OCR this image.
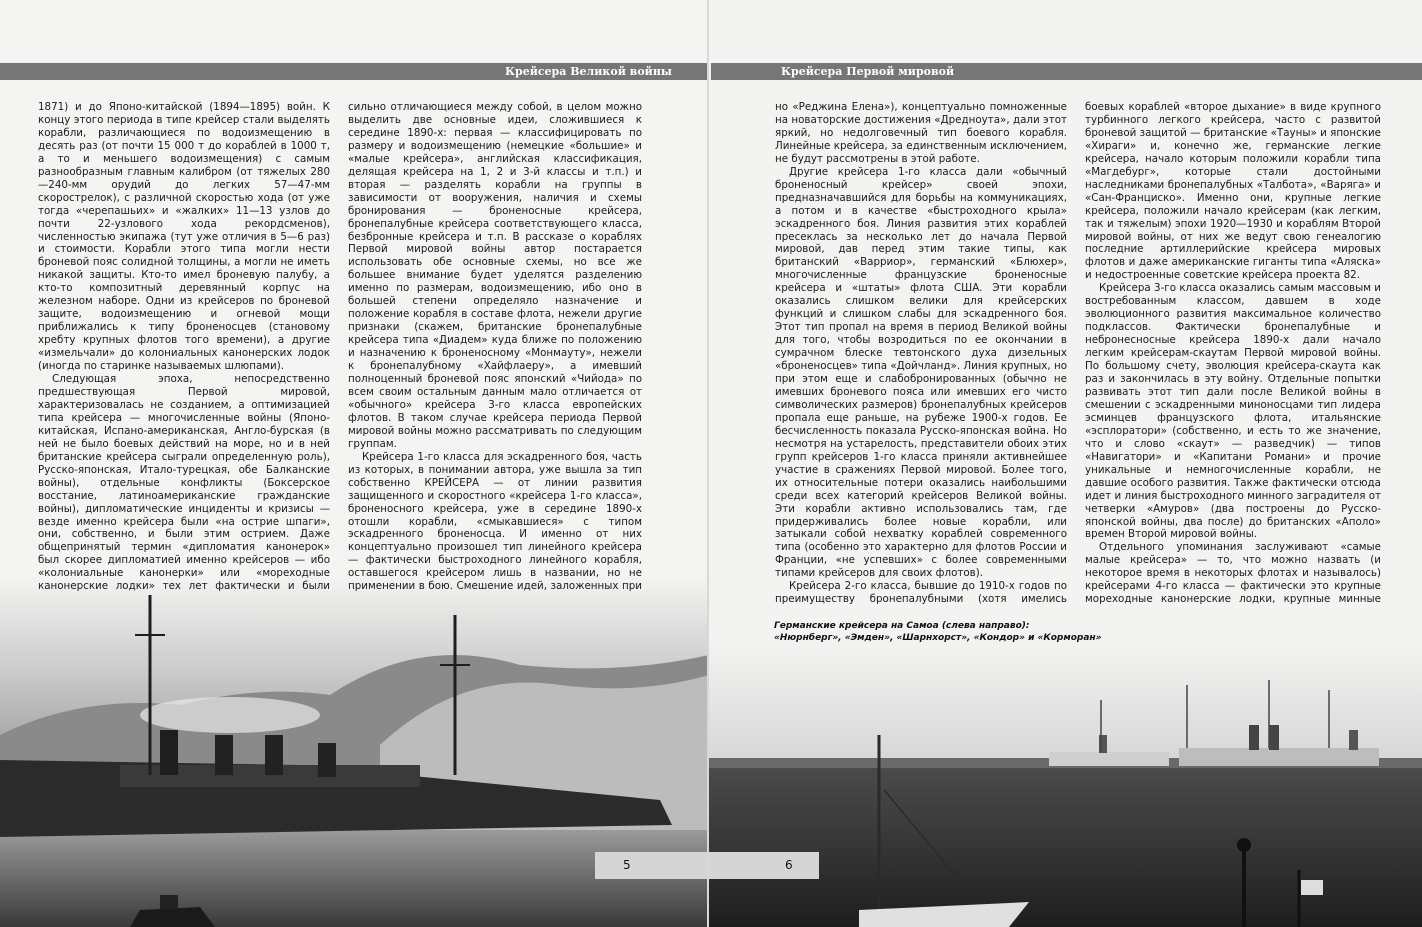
Крейсера Великой войны

1871) и до Японо-китайской (1894—1895) войн. К концу этого периода в типе крейсер стали выделять корабли, различающиеся по водоизмещению в десять раз (от почти 15 000 т до кораблей в 1000 т, а то и меньшего водоизмещения) с самым разнообразным главным калибром (от тяжелых 280—240-мм орудий до легких 57—47-мм скорострелок), с различной скоростью хода (от уже тогда «черепашьих» и «жалких» 11—13 узлов до почти 22-узлового хода рекордсменов), численностью экипажа (тут уже отличия в 5—6 раз) и стоимости. Корабли этого типа могли нести броневой пояс солидной толщины, а могли не иметь никакой защиты. Кто-то имел броневую палубу, а кто-то композитный деревянный корпус на железном наборе. Одни из крейсеров по броневой защите, водоизмещению и огневой мощи приближались к типу броненосцев (становому хребту крупных флотов того времени), а другие «измельчали» до колониальных канонерских лодок (иногда по старинке называемых шлюпами).

Следующая эпоха, непосредственно предшествующая Первой мировой, характеризовалась не созданием, а оптимизацией типа крейсера — многочисленные войны (Японо-китайская, Испано-американская, Англо-бурская (в ней не было боевых действий на море, но и в ней британские крейсера сыграли определенную роль), Русско-японская, Итало-турецкая, обе Балканские войны), отдельные конфликты (Боксерское восстание, латиноамериканские гражданские войны), дипломатические инциденты и кризисы — везде именно крейсера были «на острие шпаги», они, собственно, и были этим острием. Даже общепринятый термин «дипломатия канонерок» был скорее дипломатией именно крейсеров — ибо «колониальные канонерки» или «мореходные канонерские лодки» тех лет фактически и были

сильно отличающиеся между собой, в целом можно выделить две основные идеи, сложившиеся к середине 1890-х: первая — классифицировать по размеру и водоизмещению (немецкие «большие» и «малые крейсера», английская классификация, делящая крейсера на 1, 2 и 3-й классы и т.п.) и вторая — разделять корабли на группы в зависимости от вооружения, наличия и схемы бронирования — броненосные крейсера, бронепалубные крейсера соответствующего класса, безбронные крейсера и т.п. В рассказе о кораблях Первой мировой войны автор постарается использовать обе основные схемы, но все же большее внимание будет уделятся разделению именно по размерам, водоизмещению, ибо оно в большей степени определяло назначение и положение корабля в составе флота, нежели другие признаки (скажем, британские бронепалубные крейсера типа «Диадем» куда ближе по положению и назначению к броненосному «Монмауту», нежели к бронепалубному «Хайфлаеру», а имевший полноценный броневой пояс японский «Чийода» по всем своим остальным данным мало отличается от «обычного» крейсера 3-го класса европейских флотов. В таком случае крейсера периода Первой мировой войны можно рассматривать по следующим группам.

Крейсера 1-го класса для эскадренного боя, часть из которых, в понимании автора, уже вышла за тип собственно КРЕЙСЕРА — от линии развития защищенного и скоростного «крейсера 1-го класса», броненосного крейсера, уже в середине 1890-х отошли корабли, «смыкавшиеся» с типом эскадренного броненосца. И именно от них концептуально произошел тип линейного крейсера — фактически быстроходного линейного корабля, оставшегося крейсером лишь в названии, но не применении в бою. Смешение идей, заложенных при

5
Крейсера Первой мировой

но «Реджина Елена»), концептуально помноженные на новаторские достижения «Дредноута», дали этот яркий, но недолговечный тип боевого корабля. Линейные крейсера, за единственным исключением, не будут рассмотрены в этой работе.

Другие крейсера 1-го класса дали «обычный броненосный крейсер» своей эпохи, предназначавшийся для борьбы на коммуникациях, а потом и в качестве «быстроходного крыла» эскадренного боя. Линия развития этих кораблей пресеклась за несколько лет до начала Первой мировой, дав перед этим такие типы, как британский «Варриор», германский «Блюхер», многочисленные французские броненосные крейсера и «штаты» флота США. Эти корабли оказались слишком велики для крейсерских функций и слишком слабы для эскадренного боя. Этот тип пропал на время в период Великой войны для того, чтобы возродиться по ее окончании в сумрачном блеске тевтонского духа дизельных «броненосцев» типа «Дойчланд». Линия крупных, но при этом еще и слабобронированных (обычно не имевших броневого пояса или имевших его чисто символических размеров) бронепалубных крейсеров пропала еще раньше, на рубеже 1900-х годов. Ее бесчисленность показала Русско-японская война. Но несмотря на устарелость, представители обоих этих групп крейсеров 1-го класса приняли активнейшее участие в сражениях Первой мировой. Более того, их относительные потери оказались наибольшими среди всех категорий крейсеров Великой войны. Эти корабли активно использовались там, где придерживались более новые корабли, или затыкали собой нехватку кораблей современного типа (особенно это характерно для флотов России и Франции, «не успевших» с более современными типами крейсеров для своих флотов).

Крейсера 2-го класса, бывшие до 1910-х годов по преимуществу бронепалубными (хотя имелись

боевых кораблей «второе дыхание» в виде крупного турбинного легкого крейсера, часто с развитой броневой защитой — британские «Тауны» и японские «Хираги» и, конечно же, германские легкие крейсера, начало которым положили корабли типа «Магдебург», которые стали достойными наследниками бронепалубных «Талбота», «Варяга» и «Сан-Франциско». Именно они, крупные легкие крейсера, положили начало крейсерам (как легким, так и тяжелым) эпохи 1920—1930 и кораблям Второй мировой войны, от них же ведут свою генеалогию последние артиллерийские крейсера мировых флотов и даже американские гиганты типа «Аляска» и недостроенные советские крейсера проекта 82.

Крейсера 3-го класса оказались самым массовым и востребованным классом, давшем в ходе эволюционного развития максимальное количество подклассов. Фактически бронепалубные и небронесносные крейсера 1890-х дали начало легким крейсерам-скаутам Первой мировой войны. По большому счету, эволюция крейсера-скаута как раз и закончилась в эту войну. Отдельные попытки развивать этот тип дали после Великой войны в смешении с эскадренными миноносцами тип лидера эсминцев французского флота, итальянские «эсплоратори» (собственно, и есть то же значение, что и слово «скаут» — разведчик) — типов «Навигатори» и «Капитани Романи» и прочие уникальные и немногочисленные корабли, не давшие особого развития. Также фактически отсюда идет и линия быстроходного минного заградителя от четверки «Амуров» (два построены до Русско-японской войны, два после) до британских «Аполо» времен Второй мировой войны.

Отдельного упоминания заслуживают «самые малые крейсера» — то, что можно назвать (и некоторое время в некоторых флотах и называлось) крейсерами 4-го класса — фактически это крупные мореходные канонерские лодки, крупные минные

Германские крейсера на Самоа (слева направо):
«Нюрнберг», «Эмден», «Шарнхорст», «Кондор» и «Корморан»
6
